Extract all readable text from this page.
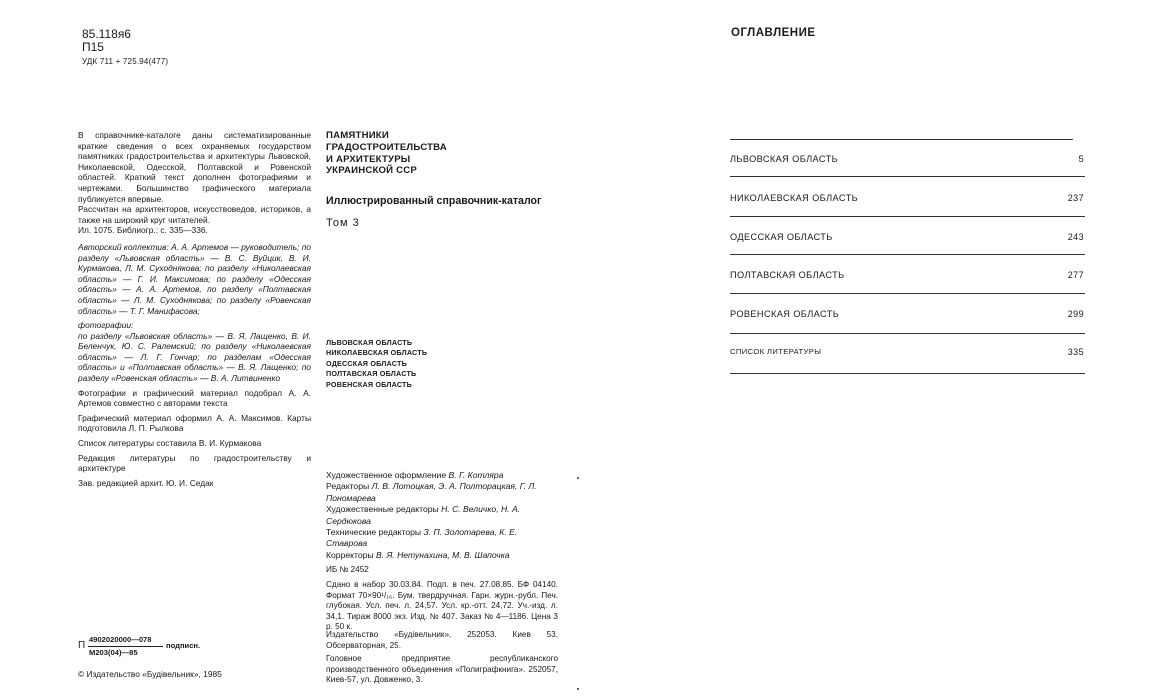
85.118я6
П15
УДК 711 + 725.94(477)

В справочнике-каталоге даны систематизированные краткие сведения о всех охраняемых государством памятниках градостроительства и архитектуры Львовской, Николаевской, Одесской, Полтавской и Ровенской областей. Краткий текст дополнен фотографиями и чертежами. Большинство графического материала публикуется впервые.

Рассчитан на архитекторов, искусствоведов, историков, а также на широкий круг читателей.

Ил. 1075. Библиогр.: с. 335—336.

Авторский коллектив: А. А. Артемов — руководитель; по разделу «Львовская область» — В. С. Вуйцик, В. И. Курмакова, Л. М. Суходнякова; по разделу «Николаевская область» — Г. И. Максимова; по разделу «Одесская область» — А. А. Артемов, по разделу «Полтавская область» — Л. М. Суходнякова; по разделу «Ровенская область» — Т. Г. Манифасова;

фотографии:

по разделу «Львовская область» — В. Я. Лащенко, В. И. Беленчук, Ю. С. Ралемский; по разделу «Николаевская область» — Л. Г. Гончар; по разделам «Одесская область» и «Полтавская область» — В. Я. Лащенко; по разделу «Ровенская область» — В. А. Литвиненко

Фотографии и графический материал подобрал А. А. Артемов совместно с авторами текста

Графический материал оформил А. А. Максимов. Карты подготовила Л. П. Рылкова

Список литературы составила В. И. Курмакова

Редакция литературы по градостроительству и архитектуре

Зав. редакцией архит. Ю. И. Седак

П
4902020000—078
М203(04)—85
подписн.
© Издательство «Будівельник», 1985
ПАМЯТНИКИ
ГРАДОСТРОИТЕЛЬСТВА
И АРХИТЕКТУРЫ
УКРАИНСКОЙ ССР
Иллюстрированный справочник-каталог
Том 3
ЛЬВОВСКАЯ ОБЛАСТЬ
НИКОЛАЕВСКАЯ ОБЛАСТЬ
ОДЕССКАЯ ОБЛАСТЬ
ПОЛТАВСКАЯ ОБЛАСТЬ
РОВЕНСКАЯ ОБЛАСТЬ
Художественное оформление В. Г. Котляра
Редакторы Л. В. Лотоцкая, Э. А. Полторацкая, Г. Л. Пономарева
Художественные редакторы Н. С. Величко, Н. А. Сердюкова
Технические редакторы З. П. Золотарева, К. Е. Ставрова
Корректоры В. Я. Нетунахина, М. В. Шапочка
ИБ № 2452
Сдано в набор 30.03.84. Подп. в печ. 27.08.85. БФ 04140. Формат 70×90¹/₁₆. Бум. твердручная. Гарн. журн.-рубл. Печ. глубокая. Усл. печ. л. 24,57. Усл. кр.-отт. 24,72. Уч.-изд. л. 34,1. Тираж 8000 экз. Изд. № 407. Заказ № 4—1186. Цена 3 р. 50 к.
Издательство «Будівельник». 252053. Киев 53, Обсерваторная, 25.
Головное предприятие республиканского производственного объединения «Полиграфкнига». 252057, Киев-57, ул. Довженко, 3.
ОГЛАВЛЕНИЕ
ЛЬВОВСКАЯ ОБЛАСТЬ	5
НИКОЛАЕВСКАЯ ОБЛАСТЬ	237
ОДЕССКАЯ ОБЛАСТЬ	243
ПОЛТАВСКАЯ ОБЛАСТЬ	277
РОВЕНСКАЯ ОБЛАСТЬ	299
СПИСОК ЛИТЕРАТУРЫ	335
